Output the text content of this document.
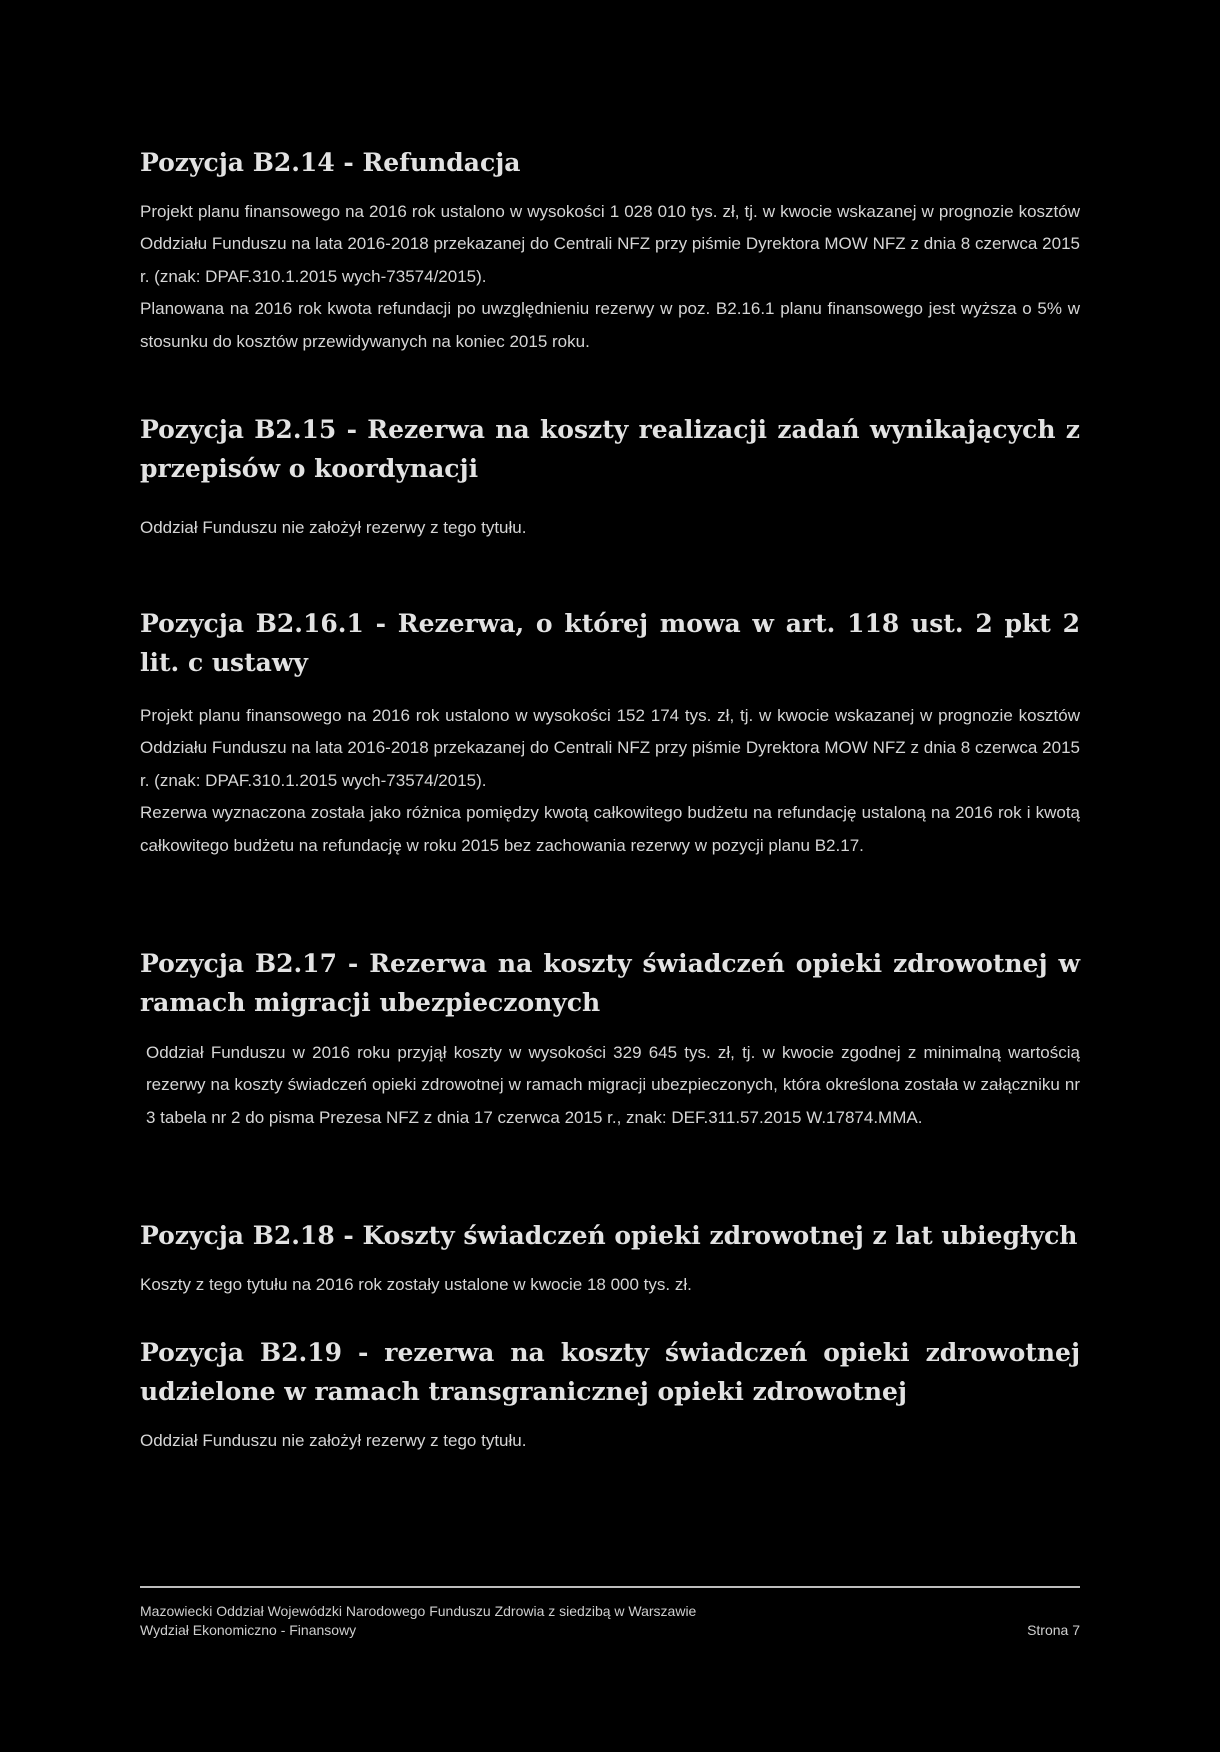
Pozycja B2.14 - Refundacja

Projekt planu finansowego na 2016 rok ustalono w wysokości 1 028 010 tys. zł, tj. w kwocie wskazanej w prognozie kosztów Oddziału Funduszu na lata 2016-2018 przekazanej do Centrali NFZ przy piśmie Dyrektora MOW NFZ z dnia 8 czerwca 2015 r. (znak: DPAF.310.1.2015 wych-73574/2015).

Planowana na 2016 rok kwota refundacji po uwzględnieniu rezerwy w poz. B2.16.1 planu finansowego jest wyższa o 5% w stosunku do kosztów przewidywanych na koniec 2015 roku.

Pozycja B2.15 - Rezerwa na koszty realizacji zadań wynikających z przepisów o koordynacji

Oddział Funduszu nie założył rezerwy z tego tytułu.

Pozycja B2.16.1 - Rezerwa, o której mowa w art. 118 ust. 2 pkt 2 lit. c ustawy

Projekt planu finansowego na 2016 rok ustalono w wysokości 152 174 tys. zł, tj. w kwocie wskazanej w prognozie kosztów Oddziału Funduszu na lata 2016-2018 przekazanej do Centrali NFZ przy piśmie Dyrektora MOW NFZ z dnia 8 czerwca 2015 r. (znak: DPAF.310.1.2015 wych-73574/2015).

Rezerwa wyznaczona została jako różnica pomiędzy kwotą całkowitego budżetu na refundację ustaloną na 2016 rok i kwotą całkowitego budżetu na refundację w roku 2015 bez zachowania rezerwy w pozycji planu B2.17.

Pozycja B2.17 - Rezerwa na koszty świadczeń opieki zdrowotnej w ramach migracji ubezpieczonych

Oddział Funduszu w 2016 roku przyjął koszty w wysokości 329 645 tys. zł, tj. w kwocie zgodnej z minimalną wartością rezerwy na koszty świadczeń opieki zdrowotnej w ramach migracji ubezpieczonych, która określona została w załączniku nr 3 tabela nr 2 do pisma Prezesa NFZ z dnia 17 czerwca 2015 r., znak: DEF.311.57.2015 W.17874.MMA.

Pozycja B2.18 - Koszty świadczeń opieki zdrowotnej z lat ubiegłych

Koszty z tego tytułu na 2016 rok zostały ustalone w kwocie 18 000 tys. zł.

Pozycja B2.19 - rezerwa na koszty świadczeń opieki zdrowotnej udzielone w ramach transgranicznej opieki zdrowotnej

Oddział Funduszu nie założył rezerwy z tego tytułu.

Mazowiecki Oddział Wojewódzki Narodowego Funduszu Zdrowia z siedzibą w Warszawie
Wydział Ekonomiczno - Finansowy	Strona 7
